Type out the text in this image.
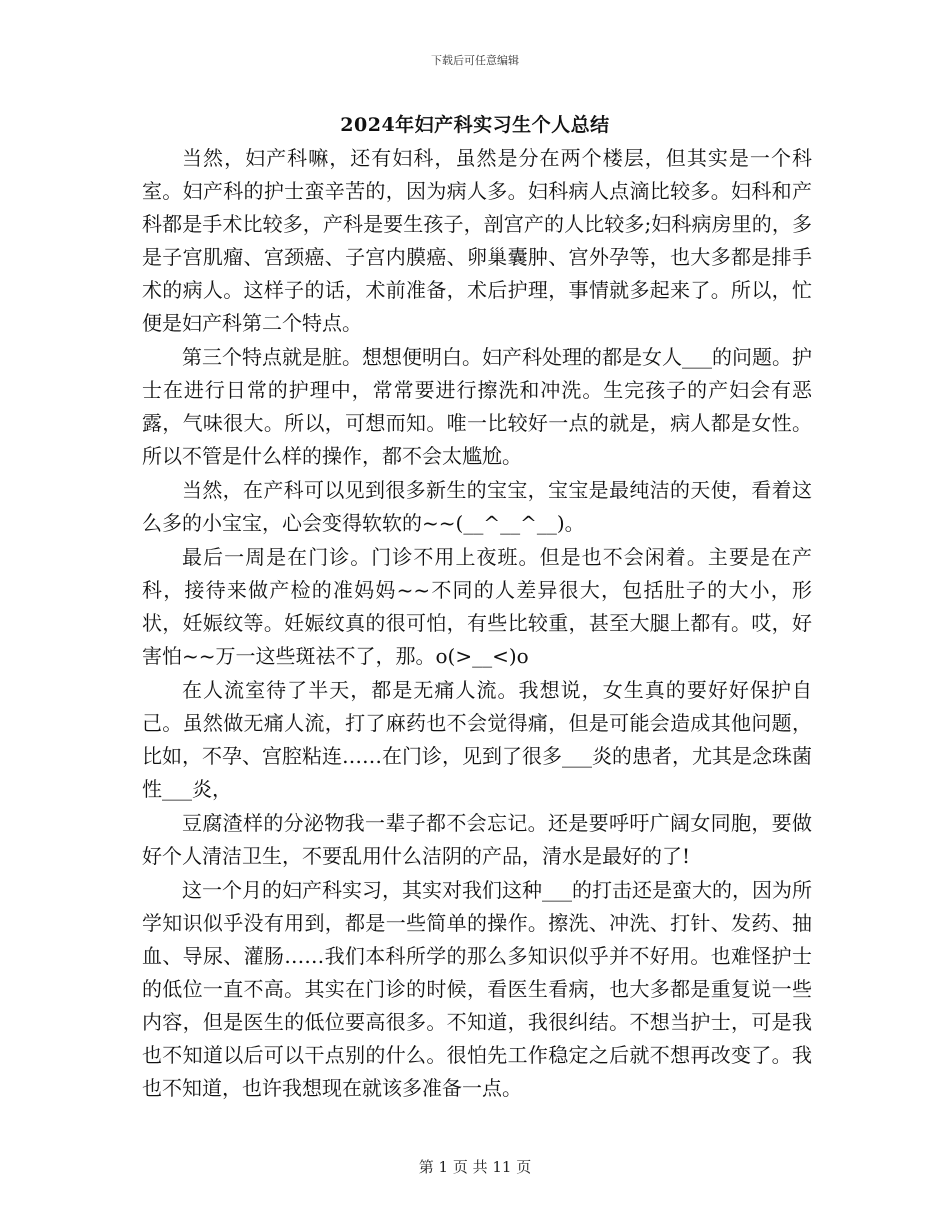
下载后可任意编辑
2024年妇产科实习生个人总结

当然，妇产科嘛，还有妇科，虽然是分在两个楼层，但其实是一个科室。妇产科的护士蛮辛苦的，因为病人多。妇科病人点滴比较多。妇科和产科都是手术比较多，产科是要生孩子，剖宫产的人比较多;妇科病房里的，多是子宫肌瘤、宫颈癌、子宫内膜癌、卵巢囊肿、宫外孕等，也大多都是排手术的病人。这样子的话，术前准备，术后护理，事情就多起来了。所以，忙便是妇产科第二个特点。

第三个特点就是脏。想想便明白。妇产科处理的都是女人___的问题。护士在进行日常的护理中，常常要进行擦洗和冲洗。生完孩子的产妇会有恶露，气味很大。所以，可想而知。唯一比较好一点的就是，病人都是女性。所以不管是什么样的操作，都不会太尴尬。

当然，在产科可以见到很多新生的宝宝，宝宝是最纯洁的天使，看着这么多的小宝宝，心会变得软软的~~(__^__^__)。

最后一周是在门诊。门诊不用上夜班。但是也不会闲着。主要是在产科，接待来做产检的准妈妈~~不同的人差异很大，包括肚子的大小，形状，妊娠纹等。妊娠纹真的很可怕，有些比较重，甚至大腿上都有。哎，好害怕~~万一这些斑祛不了，那。o(>__<)o

在人流室待了半天，都是无痛人流。我想说，女生真的要好好保护自己。虽然做无痛人流，打了麻药也不会觉得痛，但是可能会造成其他问题，比如，不孕、宫腔粘连……在门诊，见到了很多___炎的患者，尤其是念珠菌性___炎，

豆腐渣样的分泌物我一辈子都不会忘记。还是要呼吁广阔女同胞，要做好个人清洁卫生，不要乱用什么洁阴的产品，清水是最好的了!

这一个月的妇产科实习，其实对我们这种___的打击还是蛮大的，因为所学知识似乎没有用到，都是一些简单的操作。擦洗、冲洗、打针、发药、抽血、导尿、灌肠……我们本科所学的那么多知识似乎并不好用。也难怪护士的低位一直不高。其实在门诊的时候，看医生看病，也大多都是重复说一些内容，但是医生的低位要高很多。不知道，我很纠结。不想当护士，可是我也不知道以后可以干点别的什么。很怕先工作稳定之后就不想再改变了。我也不知道，也许我想现在就该多准备一点。

第 1 页 共 11 页
